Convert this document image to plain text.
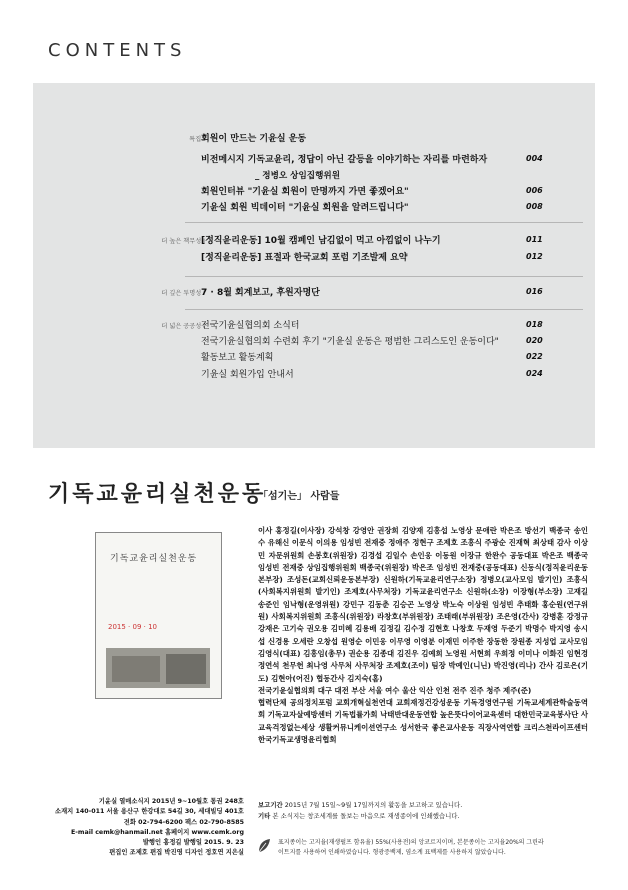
CONTENTS
특집 Ⅰ
회원이 만드는 기윤실 운동
비전메시지 기독교윤리, 정답이 아닌 갈등을 이야기하는 자리를 마련하자	004
_ 정병오 상임집행위원
회원인터뷰 "기윤실 회원이 만명까지 가면 좋겠어요"	006
기윤실 회원 빅데이터 "기윤실 회원을 알려드립니다"	008
더 높은 책무성 Ⅰ
[정직윤리운동] 10월 캠페인 남김없이 먹고 아낌없이 나누기	011
[정직윤리운동] 표절과 한국교회 포럼 기조발제 요약	012
더 깊은 투명성 Ⅰ
7 · 8월 회계보고, 후원자명단	016
더 넓은 공공성 Ⅰ
전국기윤실협의회 소식터	018
전국기윤실협의회 수련회 후기 "기윤실 운동은 평범한 그리스도인 운동이다"	020
활동보고 활동계획	022
기윤실 회원가입 안내서	024
기독교윤리실천운동
「섬기는」 사람들
기독교윤리실천운동
2015 · 09 · 10

이사 홍정길(이사장) 강석창 강영안 권장희 김양재 김흥섭 노영상 문애란 박은조 방선기 백종국 송인수 유해신 이문식 이의용 임성빈 전재중 정애주 정현구 조제호 조흥식 주광순 진재혁 최상태 감사 이상민 자문위원회 손봉호(위원장) 김경섭 김일수 손인웅 이동원 이장규 한완수 공동대표 박은조 백종국 임성빈 전재중 상임집행위원회 백종국(위원장) 박은조 임성빈 전재중(공동대표) 신동식(정직윤리운동본부장) 조성돈(교회신뢰운동본부장) 신원하(기독교윤리연구소장) 정병오(교사모임 발기인) 조흥식(사회복지위원회 발기인) 조제호(사무처장) 기독교윤리연구소 신원하(소장) 이장형(부소장) 고재길 송준인 임낙형(운영위원) 강민구 김동춘 김승곤 노영상 박노숙 이상원 임성빈 추태화 홍순원(연구위원) 사회복지위원회 조흥식(위원장) 라창호(부위원장) 조태래(부위원장) 조은영(간사) 강병훈 강정규 강재은 고기숙 권오용 김미혜 김용배 김정길 김수정 김현호 나창호 두재영 두준기 박명수 박지영 송시섭 신경용 오세란 오창섭 원영순 이민웅 이무영 이영분 이재민 이주한 장동한 장원종 지성업 교사모임 김영식(대표) 김흥임(총무) 권순용 김종대 김진우 김예희 노영원 서현희 우희정 이미나 이화진 임현경 정연석 천무헌 최나영 사무처 사무처장 조제호(조이) 팀장 박예인(니닌) 박진영(리나) 간사 김로은(기도) 김현아(어진) 협동간사 김지숙(홈)

전국기윤실협의회 대구 대전 부산 서울 여수 울산 익산 인천 전주 진주 청주 제주(준)

협력단체 공의정치포럼 교회개혁실천연대 교회재정건강성운동 기독경영연구원 기독교세계관학술동역회 기독교자살예방센터 기독법률가회 낙태반대운동연합 높은뜻다이어교육센터 대한민국교육봉사단 사교육걱정없는세상 생활커뮤니케이션연구소 성서한국 좋은교사운동 직장사역연합 크리스천라이프센터 한국기독교생명윤리협회

기윤실 열매소식지 2015년 9~10월호 통권 248호

소재지 140-011 서울 용산구 한강대로 54길 30, 세대빌딩 401호

전화 02-794-6200 팩스 02-790-8585

E-mail cemk@hanmail.net 홈페이지 www.cemk.org

발행인 홍정길 발행일 2015. 9. 23

편집인 조제호 편집 박진영 디자인 정호연 지은실

보고기간 2015년 7월 15일~9월 17일까지의 활동을 보고하고 있습니다.

기타 본 소식지는 창조세계를 돌보는 마음으로 재생종이에 인쇄했습니다.

표지종이는 고지율(재생펄프 함유율) 55%(사용전)의 앙코르지이며, 본문종이는 고지율20%의 그린라

이트지를 사용하여 인쇄하였습니다. 형광증백제, 염소계 표백제를 사용하지 않았습니다.
